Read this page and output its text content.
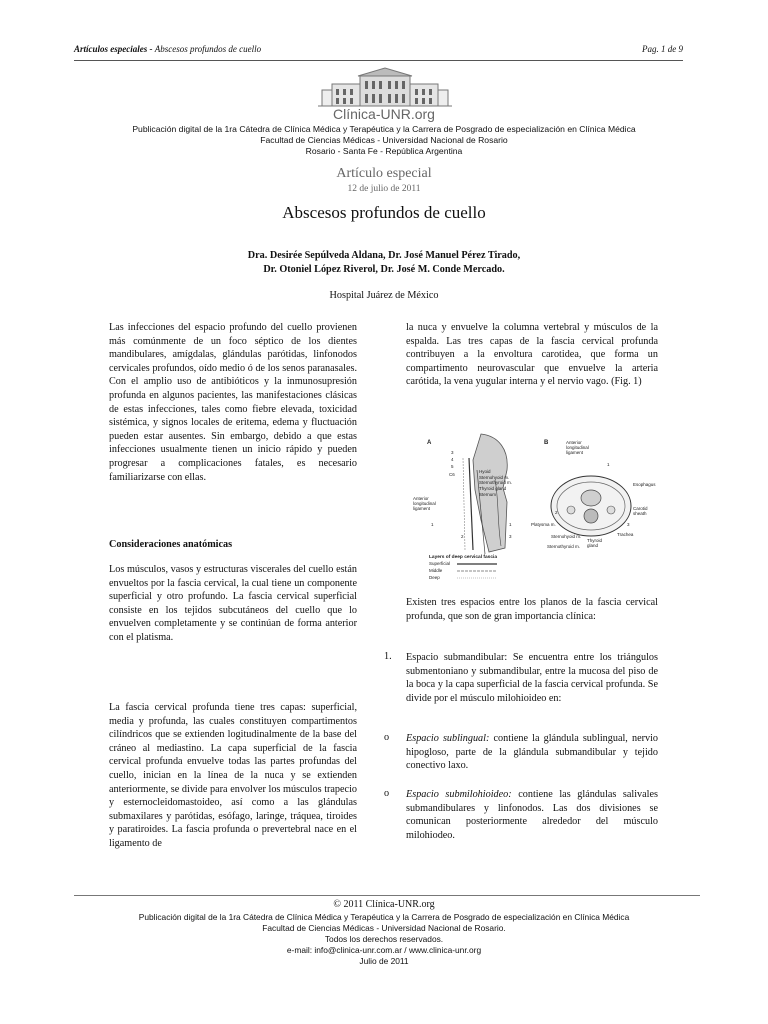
Artículos especiales - Abscesos profundos de cuello	Pag. 1 de 9
Clínica-UNR.org
Publicación digital de la 1ra Cátedra de Clínica Médica y Terapéutica y la Carrera de Posgrado de especialización en Clínica Médica
Facultad de Ciencias Médicas - Universidad Nacional de Rosario
Rosario - Santa Fe - República Argentina
Artículo especial
12 de julio de 2011
Abscesos profundos de cuello
Dra. Desirée Sepúlveda Aldana, Dr. José Manuel Pérez Tirado,
Dr. Otoniel López Riverol, Dr. José M. Conde Mercado.
Hospital Juárez de México

Las infecciones del espacio profundo del cuello provienen más comúnmente de un foco séptico de los dientes mandibulares, amígdalas, glándulas parótidas, linfonodos cervicales profundos, oído medio ó de los senos paranasales. Con el amplio uso de antibióticos y la inmunosupresión profunda en algunos pacientes, las manifestaciones clásicas de estas infecciones, tales como fiebre elevada, toxicidad sistémica, y signos locales de eritema, edema y fluctuación pueden estar ausentes. Sin embargo, debido a que estas infecciones usualmente tienen un inicio rápido y pueden progresar a complicaciones fatales, es necesario familiarizarse con ellas.

Consideraciones anatómicas

Los músculos, vasos y estructuras viscerales del cuello están envueltos por la fascia cervical, la cual tiene un componente superficial y otro profundo. La fascia cervical superficial consiste en los tejidos subcutáneos del cuello que lo envuelven completamente y se continúan de forma anterior con el platisma.

La fascia cervical profunda tiene tres capas: superficial, media y profunda, las cuales constituyen compartimentos cilíndricos que se extienden logitudinalmente de la base del cráneo al mediastino. La capa superficial de la fascia cervical profunda envuelve todas las partes profundas del cuello, inician en la línea de la nuca y se extienden anteriormente, se divide para envolver los músculos trapecio y esternocleidomastoideo, así como a las glándulas submaxilares y parótidas, esófago, laringe, tráquea, tiroides y paratiroides. La fascia profunda o prevertebral nace en el ligamento de

la nuca y envuelve la columna vertebral y músculos de la espalda. Las tres capas de la fascia cervical profunda contribuyen a la envoltura carotidea, que forma un compartimento neurovascular que envuelve la arteria carótida, la vena yugular interna y el nervio vago. (Fig. 1)

A	B
3
4
5
C6
Hyoid
Sternohyoid m.
Sternothyroid m.
Thyroid gland
Sternum
Anterior
longitudinal
ligament
1	1
2	3
Anterior
longitudinal
ligament
Esophagus
Carotid
sheath
Trachea
Platysma m.
Sternothyroid m.
Thyroid
gland
Sternohyoid m.
1
2
3
Layers of deep cervical fascia
Superficial
Middle
Deep

Existen tres espacios entre los planos de la fascia cervical profunda, que son de gran importancia clínica:

1. Espacio submandibular: Se encuentra entre los triángulos submentoniano y submandibular, entre la mucosa del piso de la boca y la capa superficial de la fascia cervical profunda. Se divide por el músculo milohioideo en:

o Espacio sublingual: contiene la glándula sublingual, nervio hipogloso, parte de la glándula submandibular y tejido conectivo laxo.

o Espacio submilohioideo: contiene las glándulas salivales submandibulares y linfonodos. Las dos divisiones se comunican posteriormente alrededor del músculo milohiodeo.

© 2011 Clínica-UNR.org
Publicación digital de la 1ra Cátedra de Clínica Médica y Terapéutica y la Carrera de Posgrado de especialización en Clínica Médica
Facultad de Ciencias Médicas - Universidad Nacional de Rosario.
Todos los derechos reservados.
e-mail: info@clinica-unr.com.ar / www.clinica-unr.org
Julio de 2011
